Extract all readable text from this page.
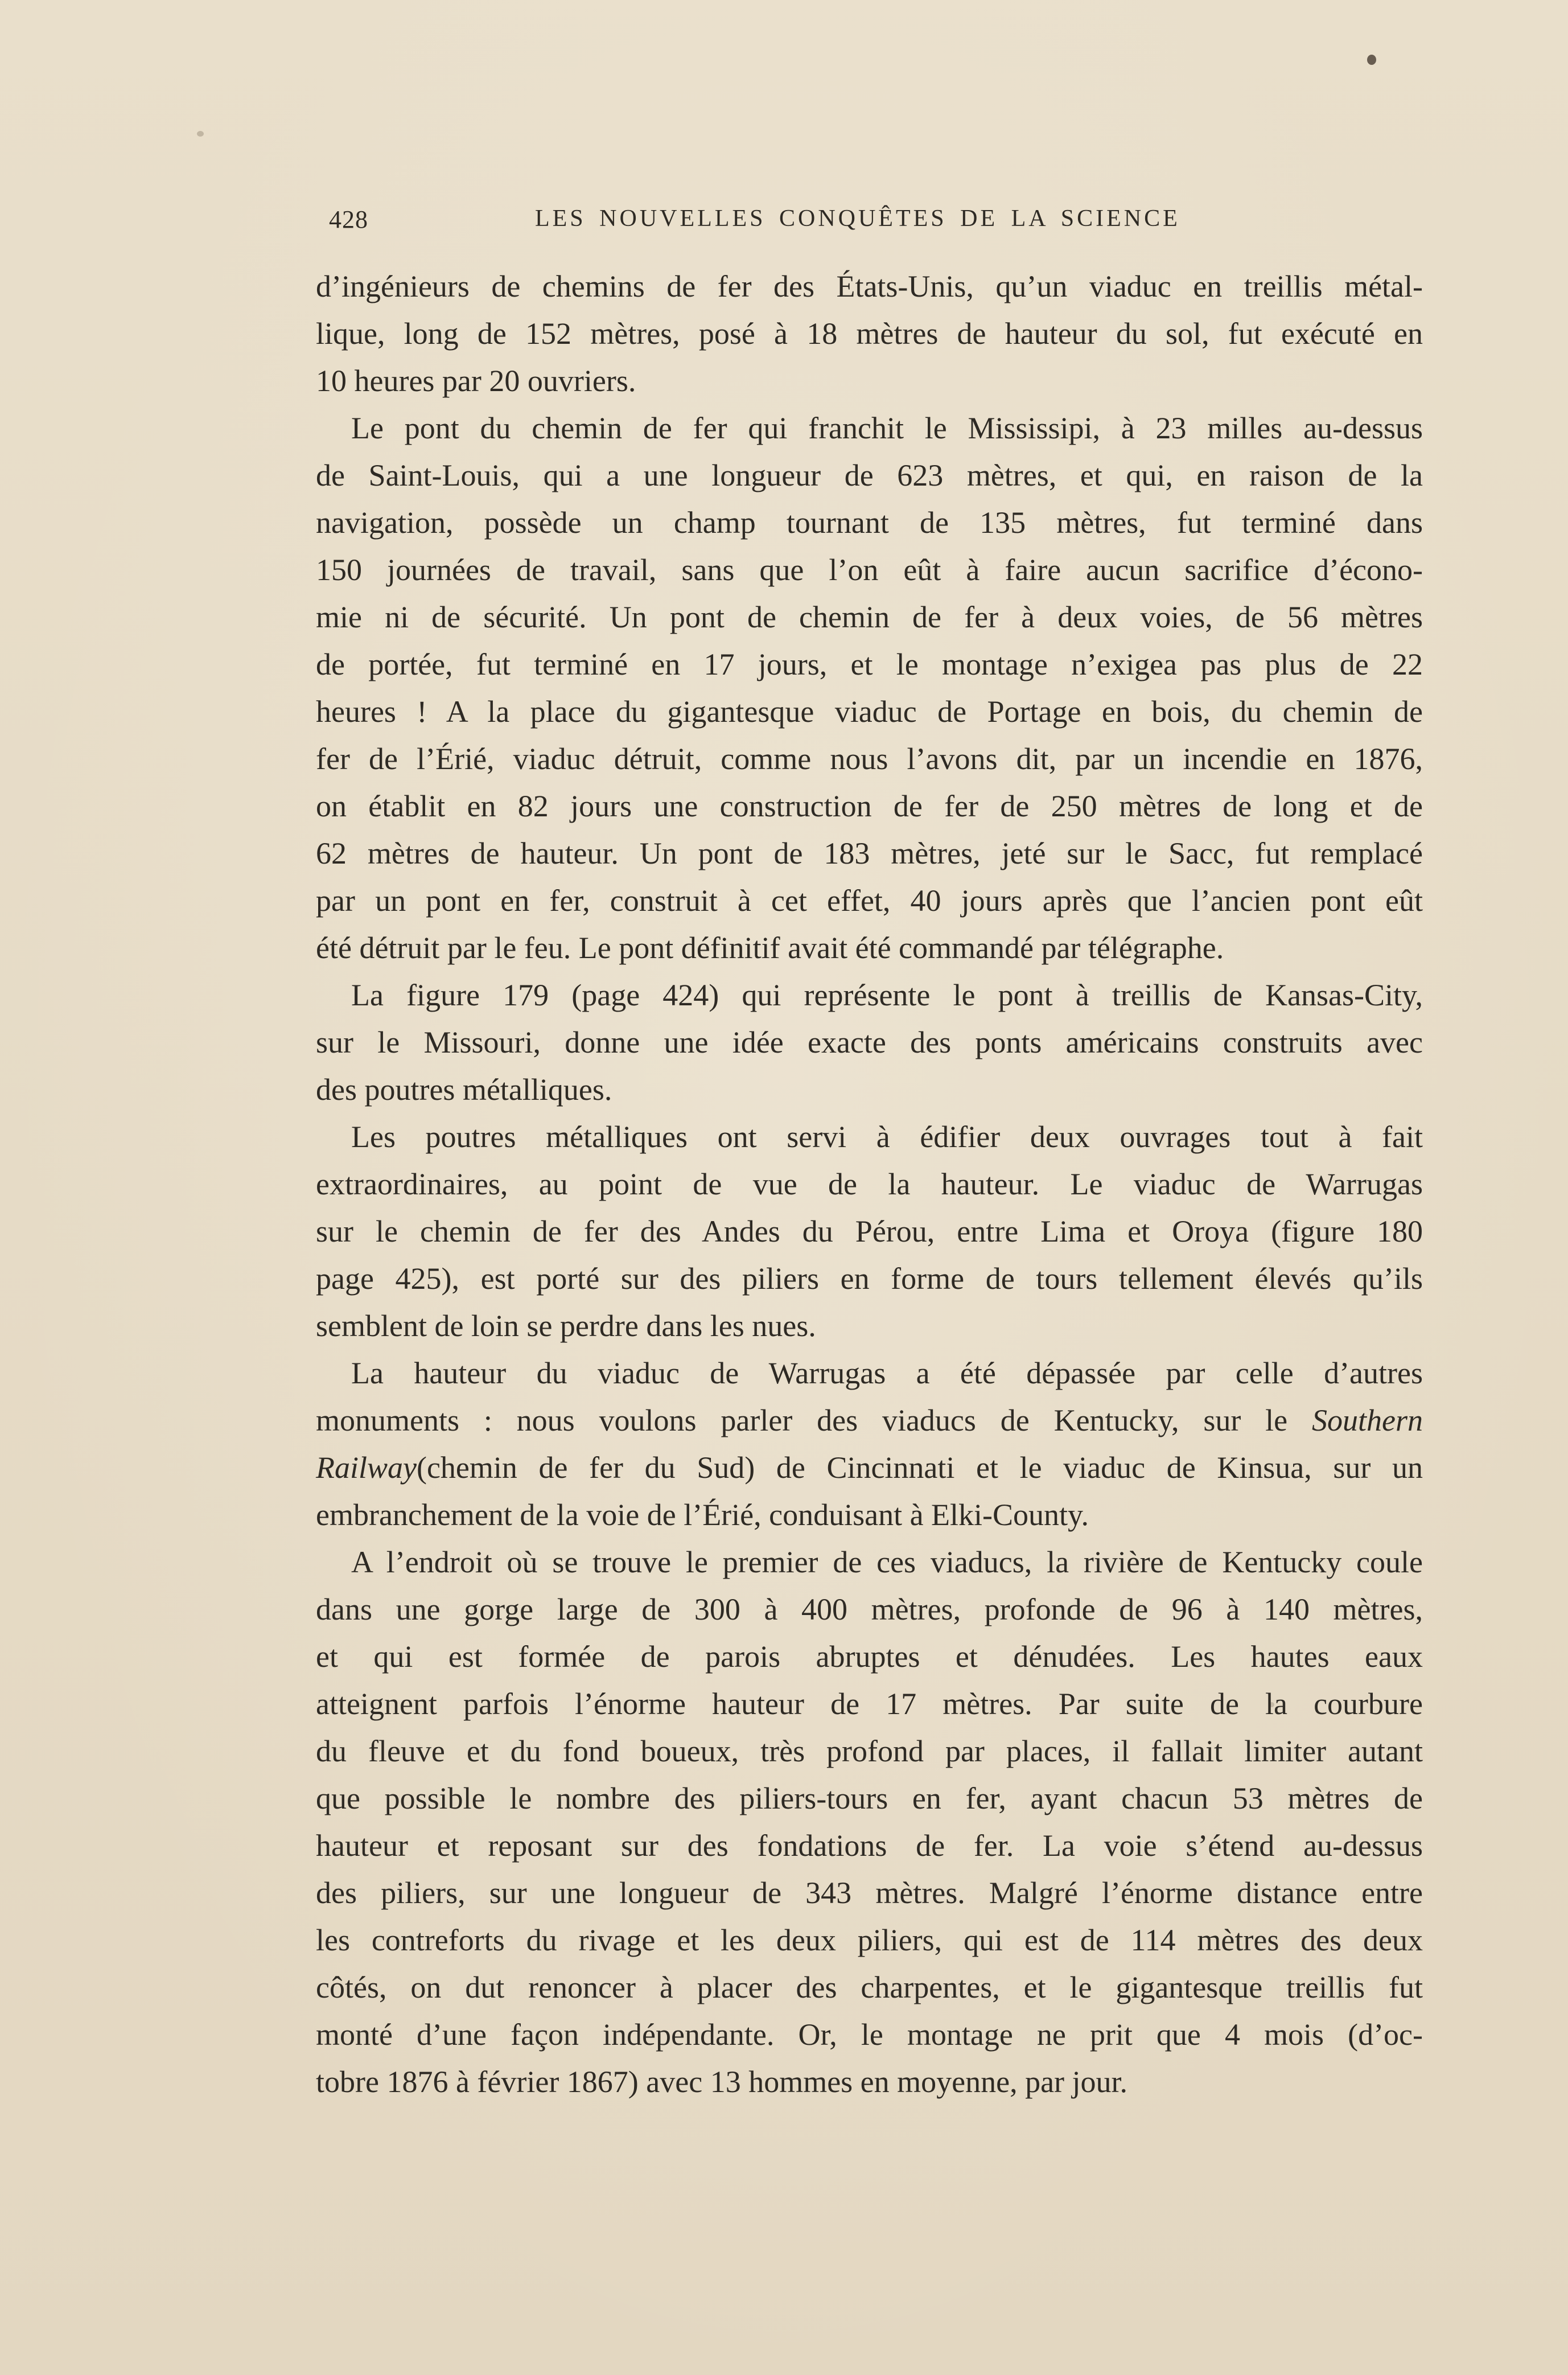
428	LES NOUVELLES CONQUÊTES DE LA SCIENCE
d’ingénieurs de chemins de fer des États-Unis, qu’un viaduc en treillis métal-
lique, long de 152 mètres, posé à 18 mètres de hauteur du sol, fut exécuté en
10 heures par 20 ouvriers.
Le pont du chemin de fer qui franchit le Mississipi, à 23 milles au-dessus
de Saint-Louis, qui a une longueur de 623 mètres, et qui, en raison de la
navigation, possède un champ tournant de 135 mètres, fut terminé dans
150 journées de travail, sans que l’on eût à faire aucun sacrifice d’écono-
mie ni de sécurité. Un pont de chemin de fer à deux voies, de 56 mètres
de portée, fut terminé en 17 jours, et le montage n’exigea pas plus de 22
heures ! A la place du gigantesque viaduc de Portage en bois, du chemin de
fer de l’Érié, viaduc détruit, comme nous l’avons dit, par un incendie en 1876,
on établit en 82 jours une construction de fer de 250 mètres de long et de
62 mètres de hauteur. Un pont de 183 mètres, jeté sur le Sacc, fut remplacé
par un pont en fer, construit à cet effet, 40 jours après que l’ancien pont eût
été détruit par le feu. Le pont définitif avait été commandé par télégraphe.
La figure 179 (page 424) qui représente le pont à treillis de Kansas-City,
sur le Missouri, donne une idée exacte des ponts américains construits avec
des poutres métalliques.
Les poutres métalliques ont servi à édifier deux ouvrages tout à fait
extraordinaires, au point de vue de la hauteur. Le viaduc de Warrugas
sur le chemin de fer des Andes du Pérou, entre Lima et Oroya (figure 180
page 425), est porté sur des piliers en forme de tours tellement élevés qu’ils
semblent de loin se perdre dans les nues.
La hauteur du viaduc de Warrugas a été dépassée par celle d’autres
monuments : nous voulons parler des viaducs de Kentucky, sur le Southern
Railway(chemin de fer du Sud) de Cincinnati et le viaduc de Kinsua, sur un
embranchement de la voie de l’Érié, conduisant à Elki-County.
A l’endroit où se trouve le premier de ces viaducs, la rivière de Kentucky coule
dans une gorge large de 300 à 400 mètres, profonde de 96 à 140 mètres,
et qui est formée de parois abruptes et dénudées. Les hautes eaux
atteignent parfois l’énorme hauteur de 17 mètres. Par suite de la courbure
du fleuve et du fond boueux, très profond par places, il fallait limiter autant
que possible le nombre des piliers-tours en fer, ayant chacun 53 mètres de
hauteur et reposant sur des fondations de fer. La voie s’étend au-dessus
des piliers, sur une longueur de 343 mètres. Malgré l’énorme distance entre
les contreforts du rivage et les deux piliers, qui est de 114 mètres des deux
côtés, on dut renoncer à placer des charpentes, et le gigantesque treillis fut
monté d’une façon indépendante. Or, le montage ne prit que 4 mois (d’oc-
tobre 1876 à février 1867) avec 13 hommes en moyenne, par jour.
